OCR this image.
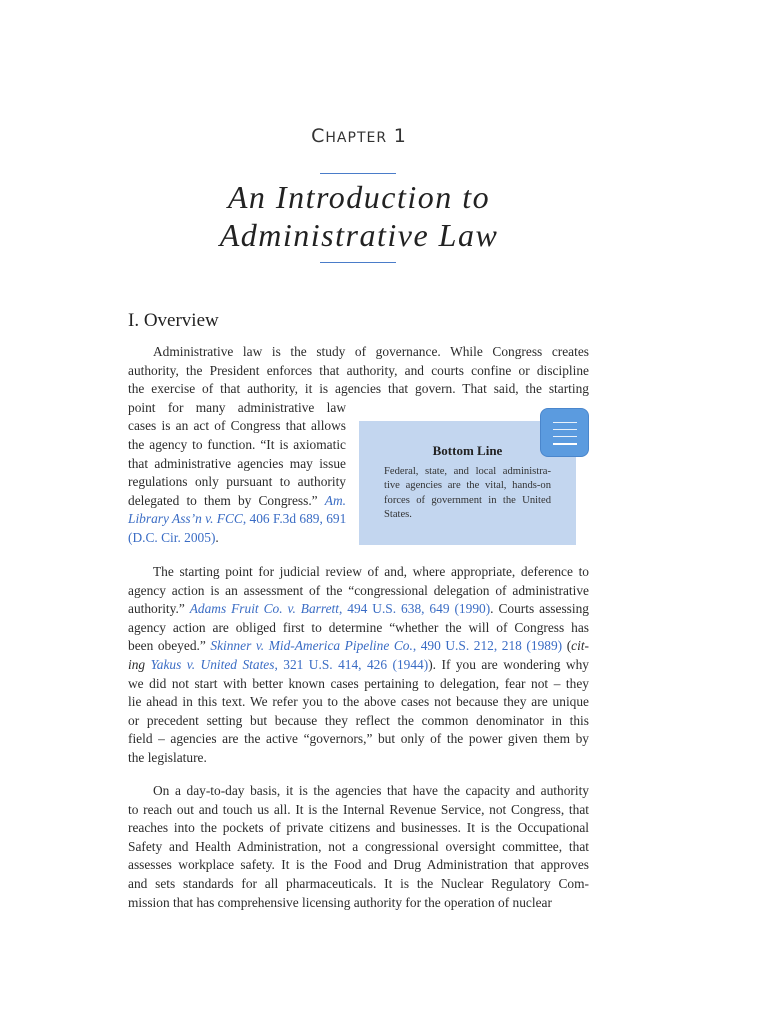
CHAPTER 1
An Introduction to
Administrative Law
I. Overview
Administrative law is the study of governance. While Congress creates
authority, the President enforces that authority, and courts confine or discipline
the exercise of that authority, it is agencies that govern. That said, the starting
point for many administrative law
cases is an act of Congress that allows
the agency to function. “It is axiomatic
that administrative agencies may issue
regulations only pursuant to authority
delegated to them by Congress.” Am.
Library Ass’n v. FCC, 406 F.3d 689, 691
(D.C. Cir. 2005).
Bottom Line
Federal, state, and local administra-
tive agencies are the vital, hands-on
forces of government in the United
States.
The starting point for judicial review of and, where appropriate, deference to
agency action is an assessment of the “congressional delegation of administrative
authority.” Adams Fruit Co. v. Barrett, 494 U.S. 638, 649 (1990). Courts assessing
agency action are obliged first to determine “whether the will of Congress has
been obeyed.” Skinner v. Mid-America Pipeline Co., 490 U.S. 212, 218 (1989) (cit-
ing Yakus v. United States, 321 U.S. 414, 426 (1944)). If you are wondering why
we did not start with better known cases pertaining to delegation, fear not – they
lie ahead in this text. We refer you to the above cases not because they are unique
or precedent setting but because they reflect the common denominator in this
field – agencies are the active “governors,” but only of the power given them by
the legislature.
On a day-to-day basis, it is the agencies that have the capacity and authority
to reach out and touch us all. It is the Internal Revenue Service, not Congress, that
reaches into the pockets of private citizens and businesses. It is the Occupational
Safety and Health Administration, not a congressional oversight committee, that
assesses workplace safety. It is the Food and Drug Administration that approves
and sets standards for all pharmaceuticals. It is the Nuclear Regulatory Com-
mission that has comprehensive licensing authority for the operation of nuclear
